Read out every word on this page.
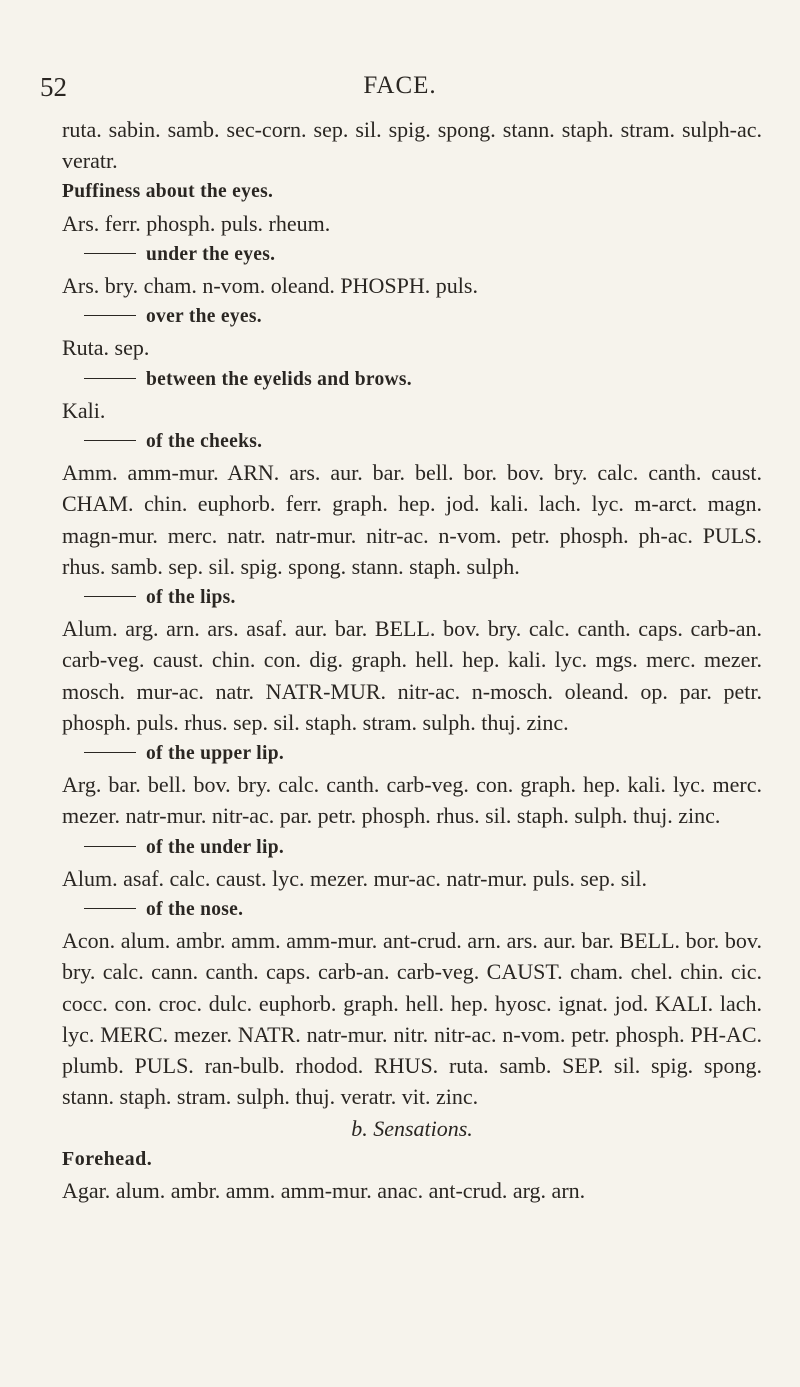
52	FACE.

ruta. sabin. samb. sec-corn. sep. sil. spig. spong. stann. staph. stram. sulph-ac. veratr.

Puffiness about the eyes.

Ars. ferr. phosph. puls. rheum.

under the eyes.

Ars. bry. cham. n-vom. oleand. PHOSPH. puls.

over the eyes.

Ruta. sep.

between the eyelids and brows.

Kali.

of the cheeks.

Amm. amm-mur. ARN. ars. aur. bar. bell. bor. bov. bry. calc. canth. caust. CHAM. chin. euphorb. ferr. graph. hep. jod. kali. lach. lyc. m-arct. magn. magn-mur. merc. natr. natr-mur. nitr-ac. n-vom. petr. phosph. ph-ac. PULS. rhus. samb. sep. sil. spig. spong. stann. staph. sulph.

of the lips.

Alum. arg. arn. ars. asaf. aur. bar. BELL. bov. bry. calc. canth. caps. carb-an. carb-veg. caust. chin. con. dig. graph. hell. hep. kali. lyc. mgs. merc. mezer. mosch. mur-ac. natr. NATR-MUR. nitr-ac. n-mosch. oleand. op. par. petr. phosph. puls. rhus. sep. sil. staph. stram. sulph. thuj. zinc.

of the upper lip.

Arg. bar. bell. bov. bry. calc. canth. carb-veg. con. graph. hep. kali. lyc. merc. mezer. natr-mur. nitr-ac. par. petr. phosph. rhus. sil. staph. sulph. thuj. zinc.

of the under lip.

Alum. asaf. calc. caust. lyc. mezer. mur-ac. natr-mur. puls. sep. sil.

of the nose.

Acon. alum. ambr. amm. amm-mur. ant-crud. arn. ars. aur. bar. BELL. bor. bov. bry. calc. cann. canth. caps. carb-an. carb-veg. CAUST. cham. chel. chin. cic. cocc. con. croc. dulc. euphorb. graph. hell. hep. hyosc. ignat. jod. KALI. lach. lyc. MERC. mezer. NATR. natr-mur. nitr. nitr-ac. n-vom. petr. phosph. PH-AC. plumb. PULS. ran-bulb. rhodod. RHUS. ruta. samb. SEP. sil. spig. spong. stann. staph. stram. sulph. thuj. veratr. vit. zinc.

b. Sensations.

Forehead.

Agar. alum. ambr. amm. amm-mur. anac. ant-crud. arg. arn.
